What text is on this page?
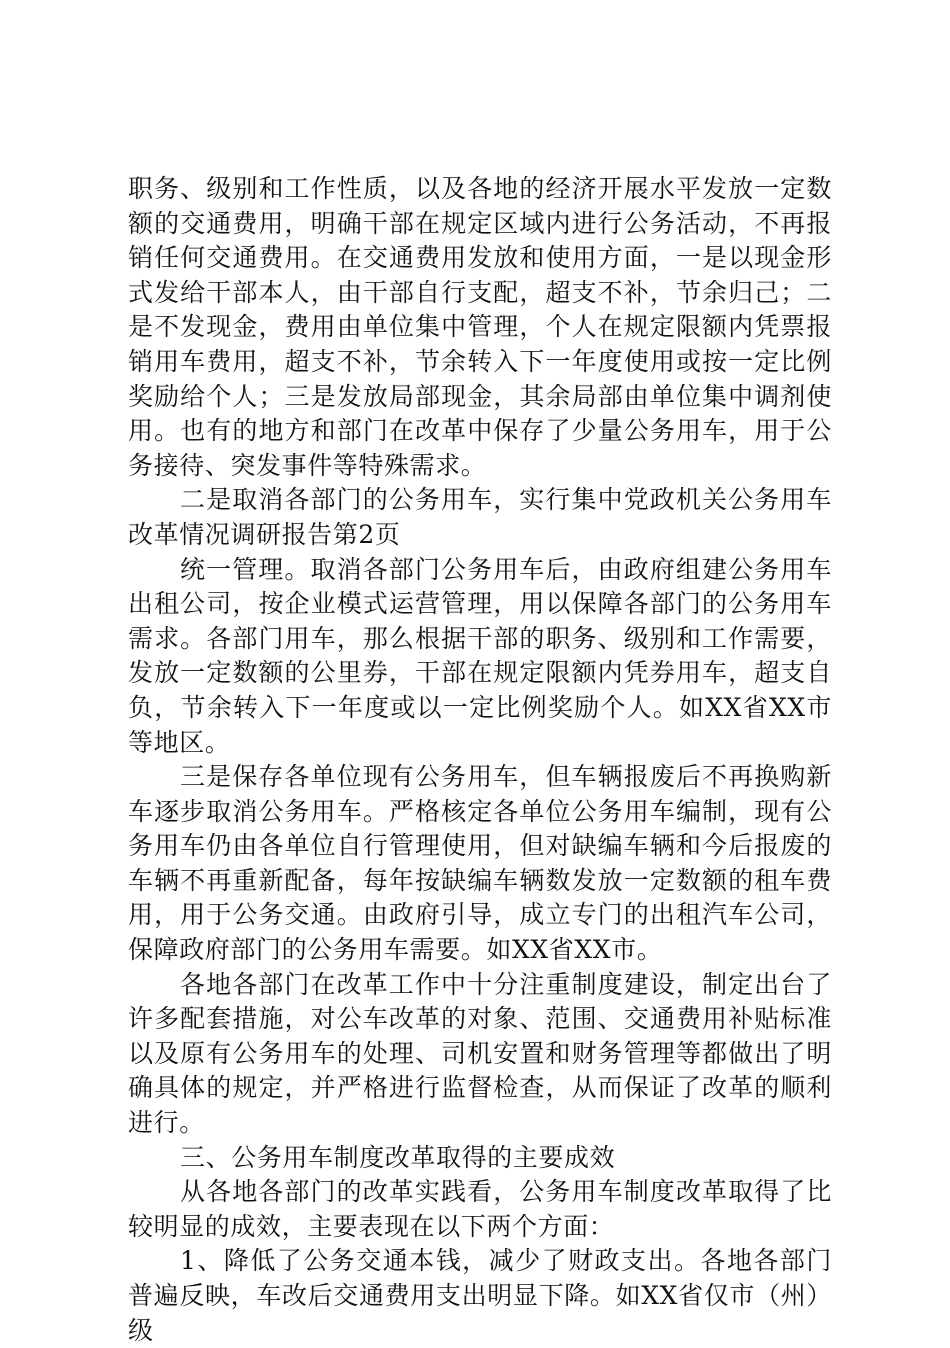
职务、级别和工作性质，以及各地的经济开展水平发放一定数额的交通费用，明确干部在规定区域内进行公务活动，不再报销任何交通费用。在交通费用发放和使用方面，一是以现金形式发给干部本人，由干部自行支配，超支不补，节余归己；二是不发现金，费用由单位集中管理，个人在规定限额内凭票报销用车费用，超支不补，节余转入下一年度使用或按一定比例奖励给个人；三是发放局部现金，其余局部由单位集中调剂使用。也有的地方和部门在改革中保存了少量公务用车，用于公务接待、突发事件等特殊需求。

二是取消各部门的公务用车，实行集中党政机关公务用车改革情况调研报告第2页

统一管理。取消各部门公务用车后，由政府组建公务用车出租公司，按企业模式运营管理，用以保障各部门的公务用车需求。各部门用车，那么根据干部的职务、级别和工作需要，发放一定数额的公里券，干部在规定限额内凭券用车，超支自负，节余转入下一年度或以一定比例奖励个人。如XX省XX市等地区。

三是保存各单位现有公务用车，但车辆报废后不再换购新车逐步取消公务用车。严格核定各单位公务用车编制，现有公务用车仍由各单位自行管理使用，但对缺编车辆和今后报废的车辆不再重新配备，每年按缺编车辆数发放一定数额的租车费用，用于公务交通。由政府引导，成立专门的出租汽车公司，保障政府部门的公务用车需要。如XX省XX市。

各地各部门在改革工作中十分注重制度建设，制定出台了许多配套措施，对公车改革的对象、范围、交通费用补贴标准以及原有公务用车的处理、司机安置和财务管理等都做出了明确具体的规定，并严格进行监督检查，从而保证了改革的顺利进行。

三、公务用车制度改革取得的主要成效

从各地各部门的改革实践看，公务用车制度改革取得了比较明显的成效，主要表现在以下两个方面：

1、降低了公务交通本钱，减少了财政支出。各地各部门普遍反映，车改后交通费用支出明显下降。如XX省仅市（州）级
